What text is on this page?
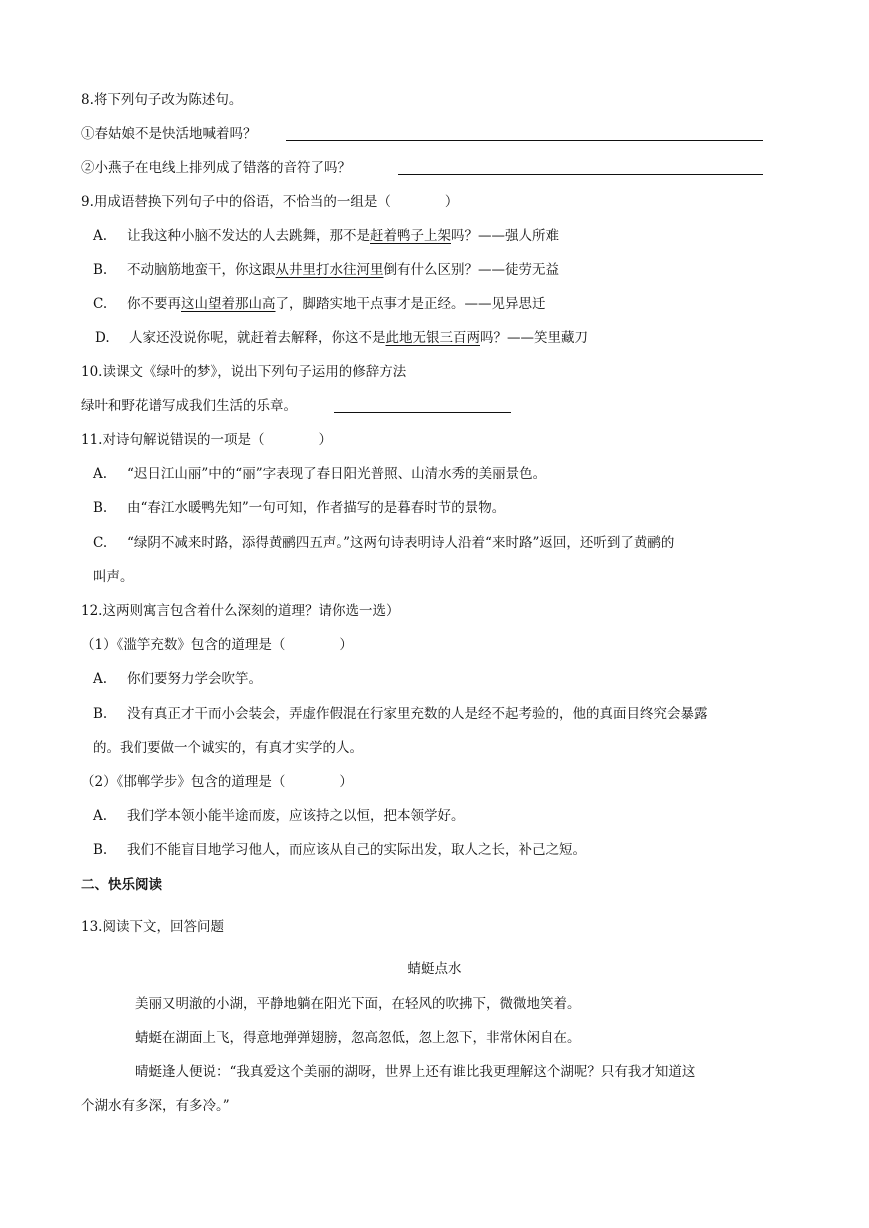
8.将下列句子改为陈述句。
①春姑娘不是快活地喊着吗？
②小燕子在电线上排列成了错落的音符了吗？
9.用成语替换下列句子中的俗语，不恰当的一组是（　　　　）
A. 让我这种小脑不发达的人去跳舞，那不是赶着鸭子上架吗？——强人所难
B. 不动脑筋地蛮干，你这跟从井里打水往河里倒有什么区别？——徒劳无益
C. 你不要再这山望着那山高了，脚踏实地干点事才是正经。——见异思迁
D. 人家还没说你呢，就赶着去解释，你这不是此地无银三百两吗？——笑里藏刀
10.读课文《绿叶的梦》，说出下列句子运用的修辞方法
绿叶和野花谱写成我们生活的乐章。
11.对诗句解说错误的一项是（　　　　）
A. “迟日江山丽”中的“丽”字表现了春日阳光普照、山清水秀的美丽景色。
B. 由“春江水暖鸭先知”一句可知，作者描写的是暮春时节的景物。
C. “绿阴不减来时路，添得黄鹂四五声。”这两句诗表明诗人沿着“来时路”返回，还听到了黄鹂的
叫声。
12.这两则寓言包含着什么深刻的道理？请你选一选）
（1）《滥竽充数》包含的道理是（　　　　）
A. 你们要努力学会吹竽。
B. 没有真正才干而小会装会，弄虚作假混在行家里充数的人是经不起考验的，他的真面目终究会暴露
的。我们要做一个诚实的，有真才实学的人。
（2）《邯郸学步》包含的道理是（　　　　）
A. 我们学本领小能半途而废，应该持之以恒，把本领学好。
B. 我们不能盲目地学习他人，而应该从自己的实际出发，取人之长，补己之短。
二、快乐阅读
13.阅读下文，回答问题
蜻蜓点水
美丽又明澈的小湖，平静地躺在阳光下面，在轻风的吹拂下，微微地笑着。
蜻蜓在湖面上飞，得意地弹弹翅膀，忽高忽低，忽上忽下，非常休闲自在。
晴蜓逢人便说：“我真爱这个美丽的湖呀，世界上还有谁比我更理解这个湖呢？只有我才知道这
个湖水有多深，有多冷。”
